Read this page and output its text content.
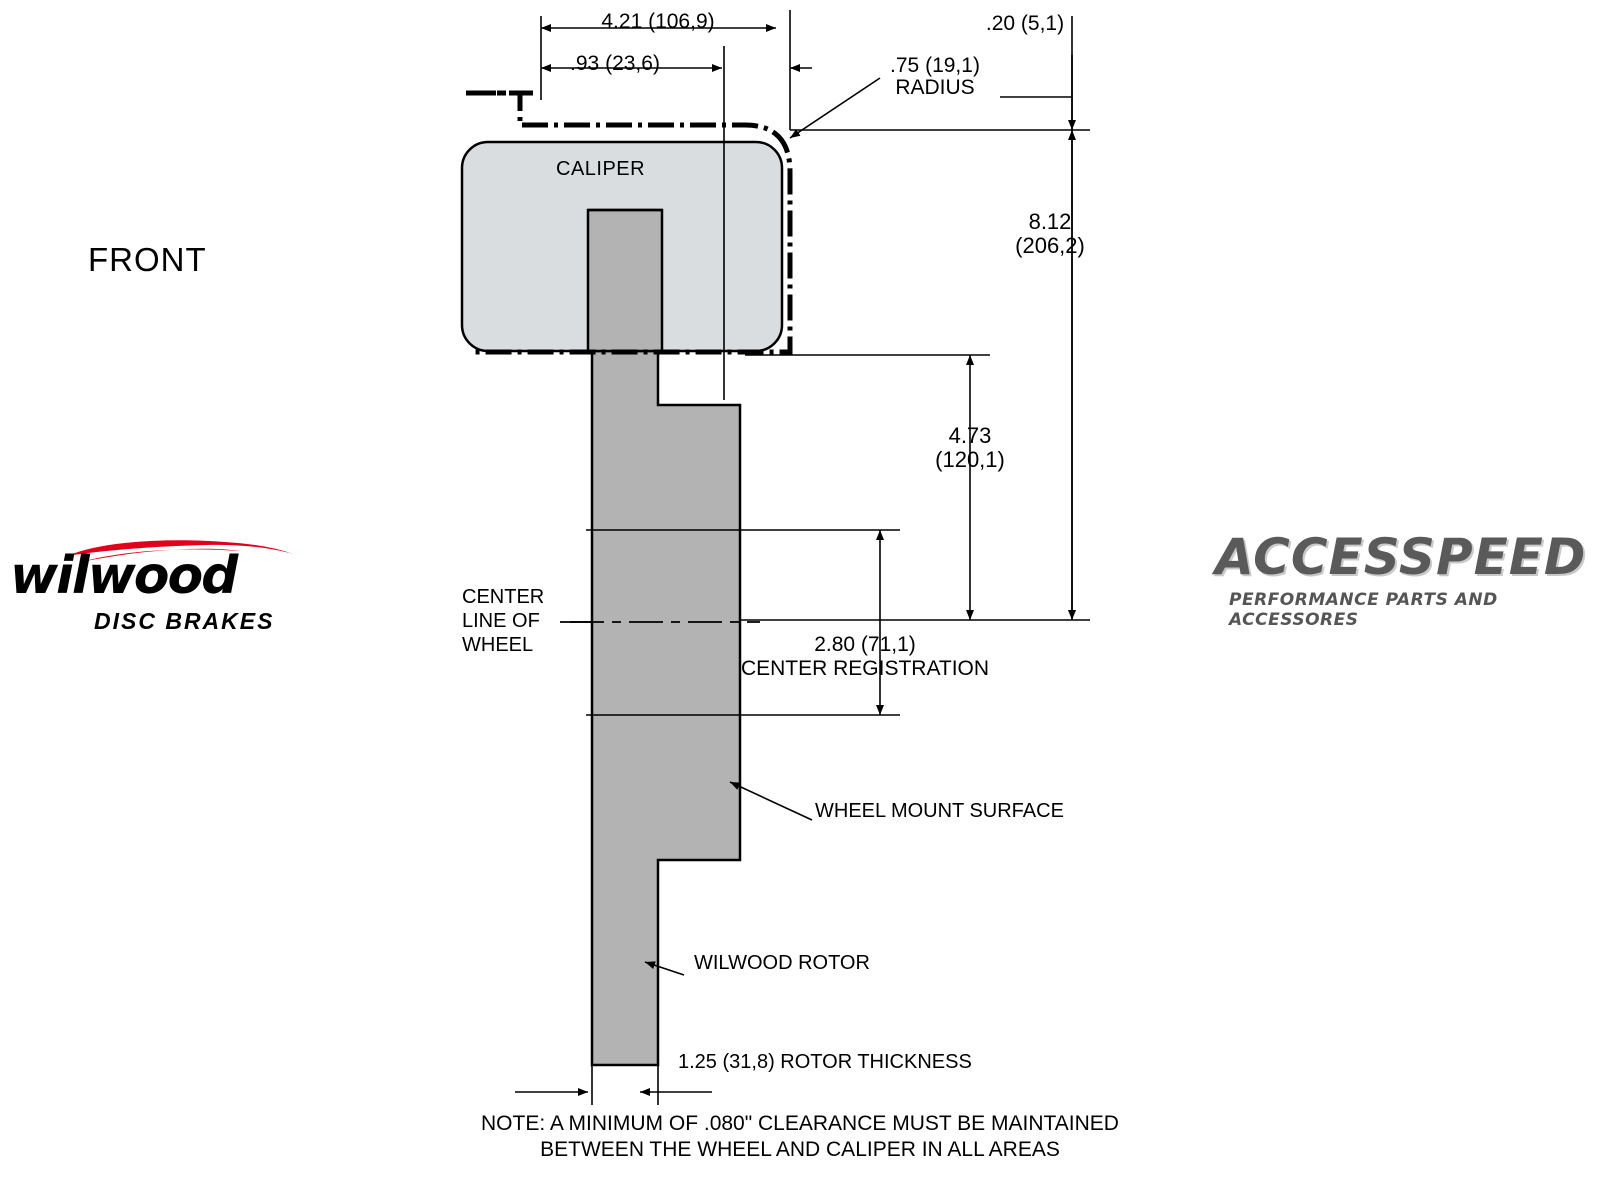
FRONT
CALIPER
4.21 (106,9)
.93 (23,6)
.20 (5,1)
.75 (19,1)
RADIUS
8.12
(206,2)
4.73
(120,1)
CENTER
LINE OF
WHEEL	2.80 (71,1)
CENTER REGISTRATION
WHEEL MOUNT SURFACE
WILWOOD ROTOR
1.25 (31,8) ROTOR THICKNESS
NOTE: A MINIMUM OF .080" CLEARANCE MUST BE MAINTAINED
BETWEEN THE WHEEL AND CALIPER IN ALL AREAS
wilwood
DISC BRAKES
ACCESSPEED
PERFORMANCE PARTS AND ACCESSORES
